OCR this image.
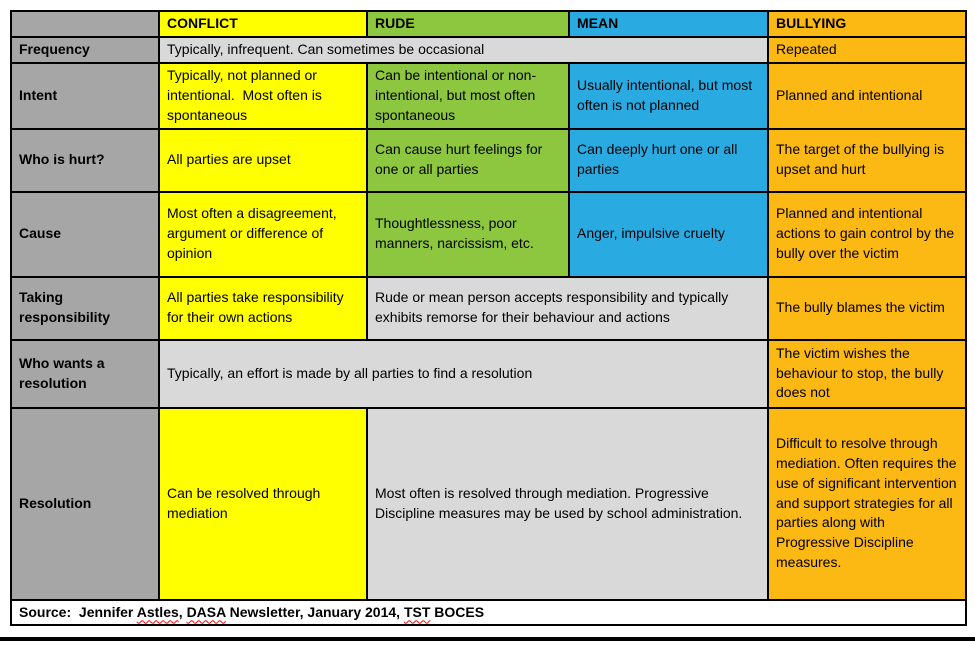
	CONFLICT	RUDE	MEAN	BULLYING
Frequency	Typically, infrequent. Can sometimes be occasional			Repeated
Intent	Typically, not planned or intentional.  Most often is spontaneous	Can be intentional or non-intentional, but most often spontaneous	Usually intentional, but most often is not planned	Planned and intentional
Who is hurt?	All parties are upset	Can cause hurt feelings for one or all parties	Can deeply hurt one or all parties	The target of the bullying is upset and hurt
Cause	Most often a disagreement, argument or difference of opinion	Thoughtlessness, poor manners, narcissism, etc.	Anger, impulsive cruelty	Planned and intentional actions to gain control by the bully over the victim
Taking responsibility	All parties take responsibility for their own actions	Rude or mean person accepts responsibility and typically exhibits remorse for their behaviour and actions		The bully blames the victim
Who wants a resolution	Typically, an effort is made by all parties to find a resolution			The victim wishes the behaviour to stop, the bully does not
Resolution	Can be resolved through mediation	Most often is resolved through mediation. Progressive Discipline measures may be used by school administration.		Difficult to resolve through mediation. Often requires the use of significant intervention and support strategies for all parties along with Progressive Discipline measures.
Source:  Jennifer Astles, DASA Newsletter, January 2014, TST BOCES				
